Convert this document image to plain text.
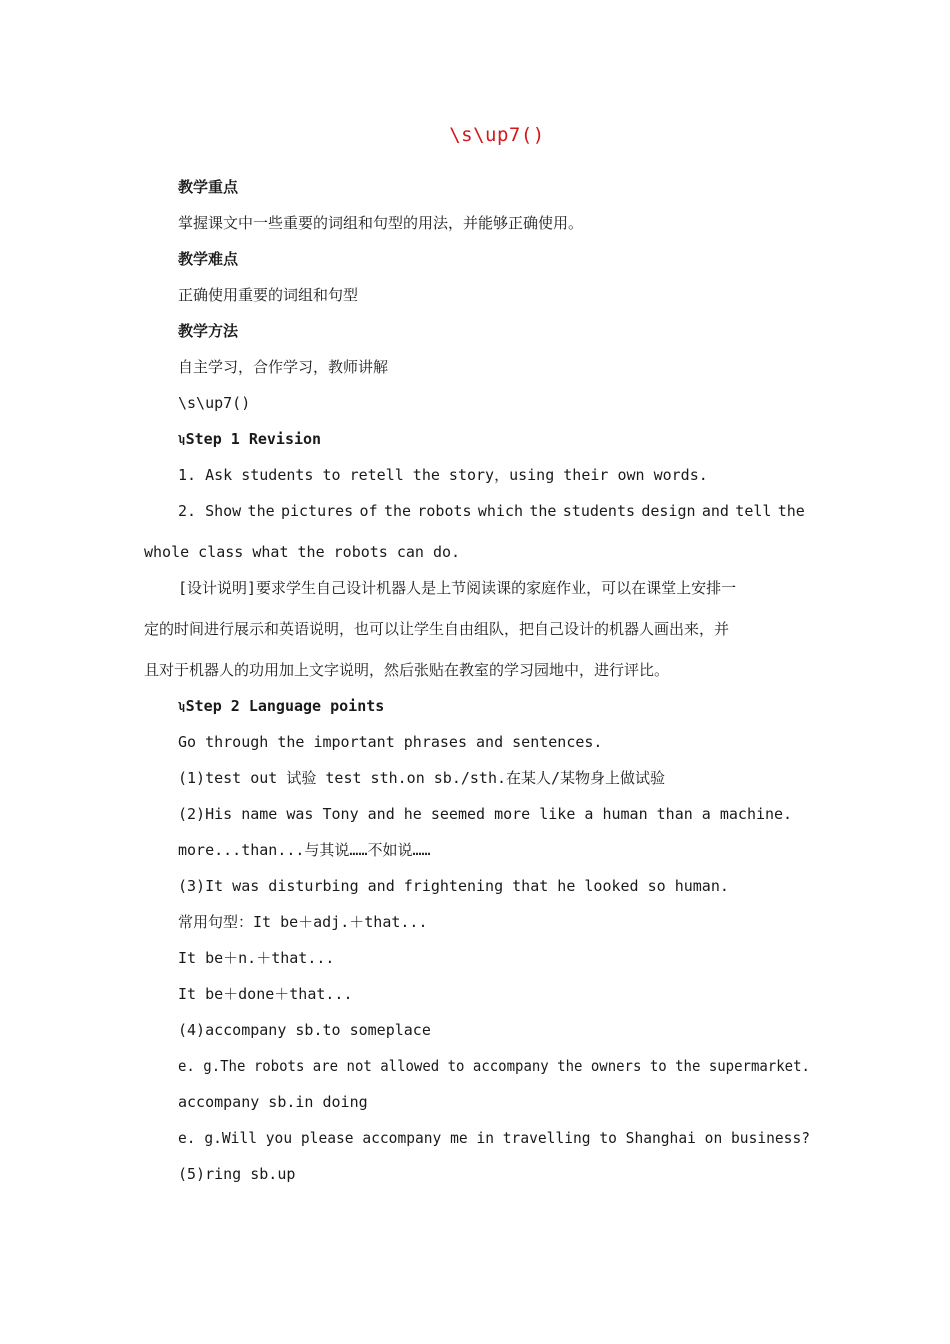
\s\up7()
教学重点
掌握课文中一些重要的词组和句型的用法，并能够正确使用。
教学难点
正确使用重要的词组和句型
教学方法
自主学习，合作学习，教师讲解
\s\up7()
ʮStep 1 Revision
1. Ask students to retell the story，using their own words.
2. Show the pictures of the robots which the students design and tell the
whole class what the robots can do.
[设计说明]要求学生自己设计机器人是上节阅读课的家庭作业，可以在课堂上安排一
定的时间进行展示和英语说明，也可以让学生自由组队，把自己设计的机器人画出来，并
且对于机器人的功用加上文字说明，然后张贴在教室的学习园地中，进行评比。
ʮStep 2 Language points
Go through the important phrases and sentences.
(1)test out 试验 test sth.on sb./sth.在某人/某物身上做试验
(2)His name was Tony and he seemed more like a human than a machine.
more...than...与其说……不如说……
(3)It was disturbing and frightening that he looked so human.
常用句型：It be＋adj.＋that...
It be＋n.＋that...
It be＋done＋that...
(4)accompany sb.to someplace
e. g.The robots are not allowed to accompany the owners to the supermarket.
accompany sb.in doing
e. g.Will you please accompany me in travelling to Shanghai on business?
(5)ring sb.up
